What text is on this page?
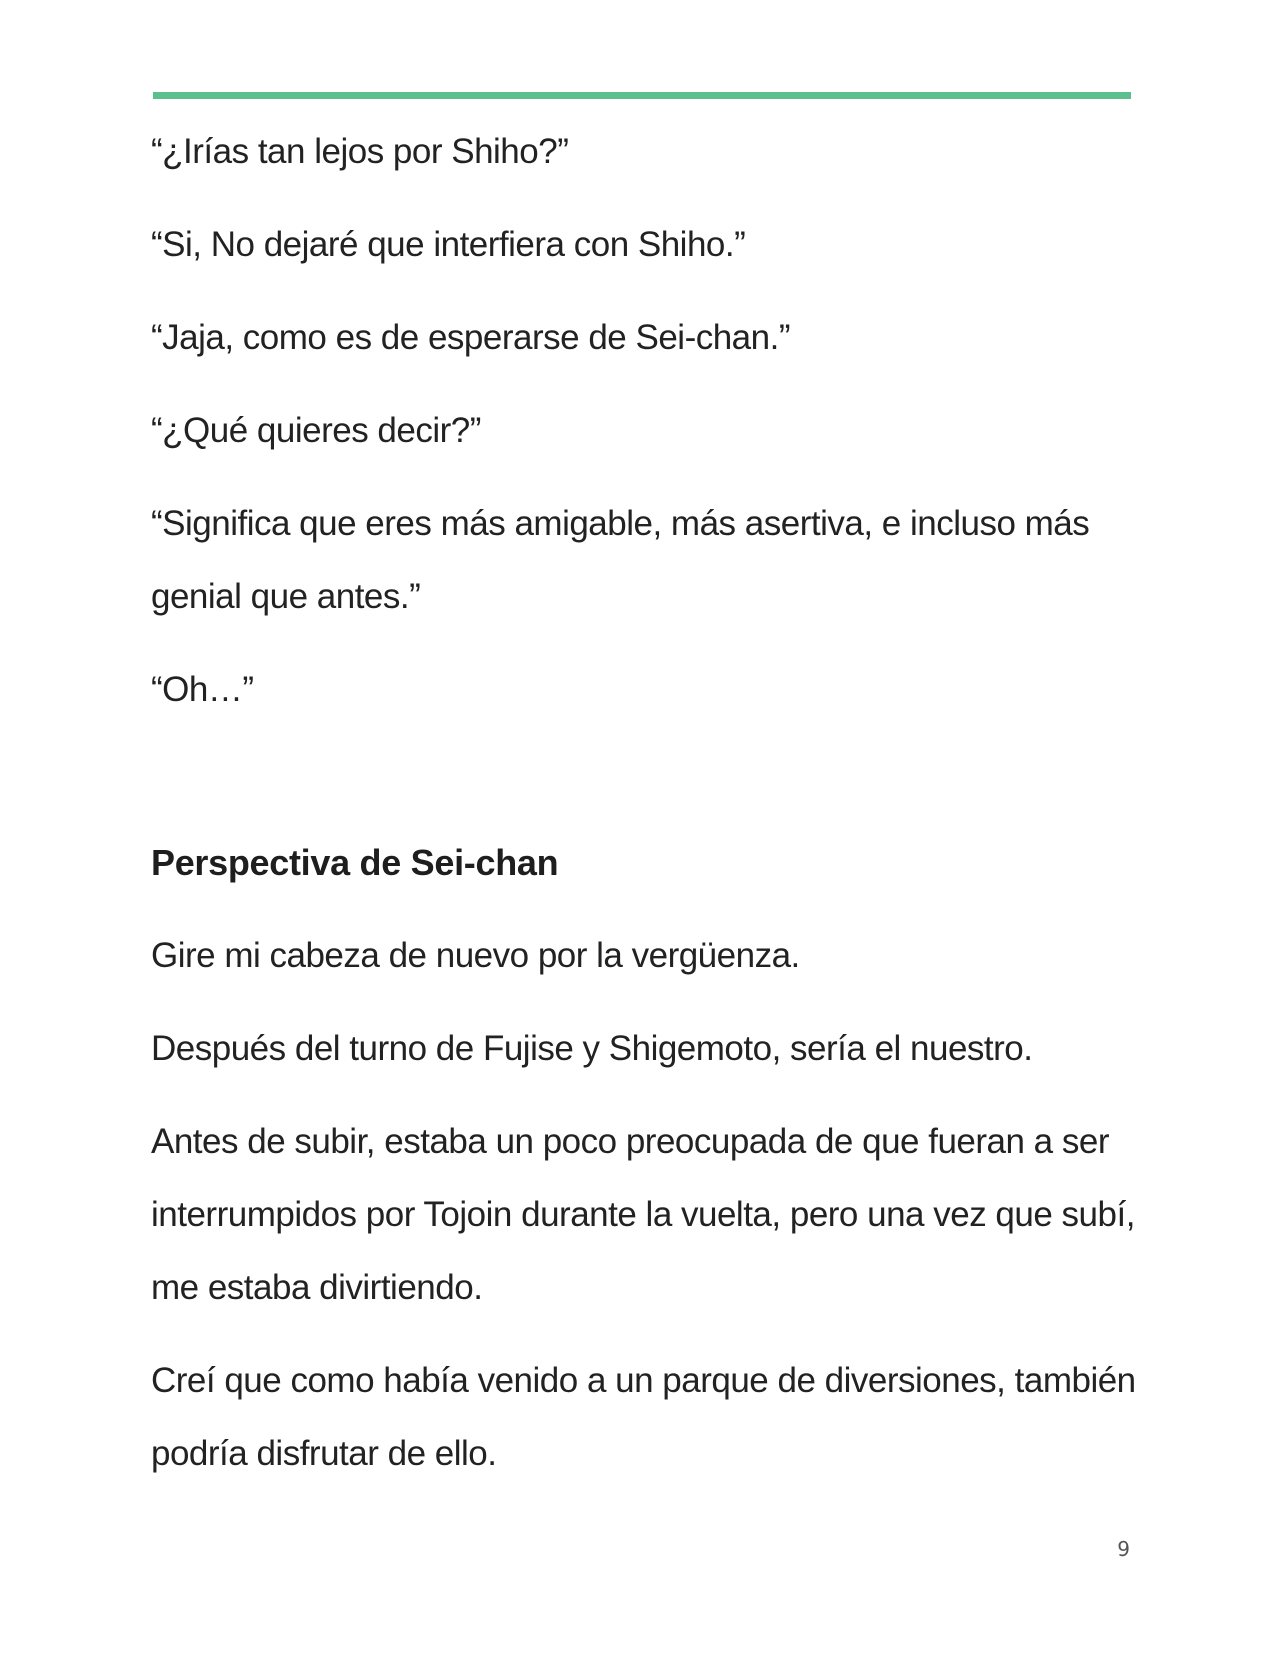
“¿Irías tan lejos por Shiho?”

“Si, No dejaré que interfiera con Shiho.”

“Jaja, como es de esperarse de Sei-chan.”

“¿Qué quieres decir?”

“Significa que eres más amigable, más asertiva, e incluso más genial que antes.”

“Oh…”

Perspectiva de Sei-chan

Gire mi cabeza de nuevo por la vergüenza.

Después del turno de Fujise y Shigemoto, sería el nuestro.

Antes de subir, estaba un poco preocupada de que fueran a ser interrumpidos por Tojoin durante la vuelta, pero una vez que subí, me estaba divirtiendo.

Creí que como había venido a un parque de diversiones, también podría disfrutar de ello.

9
